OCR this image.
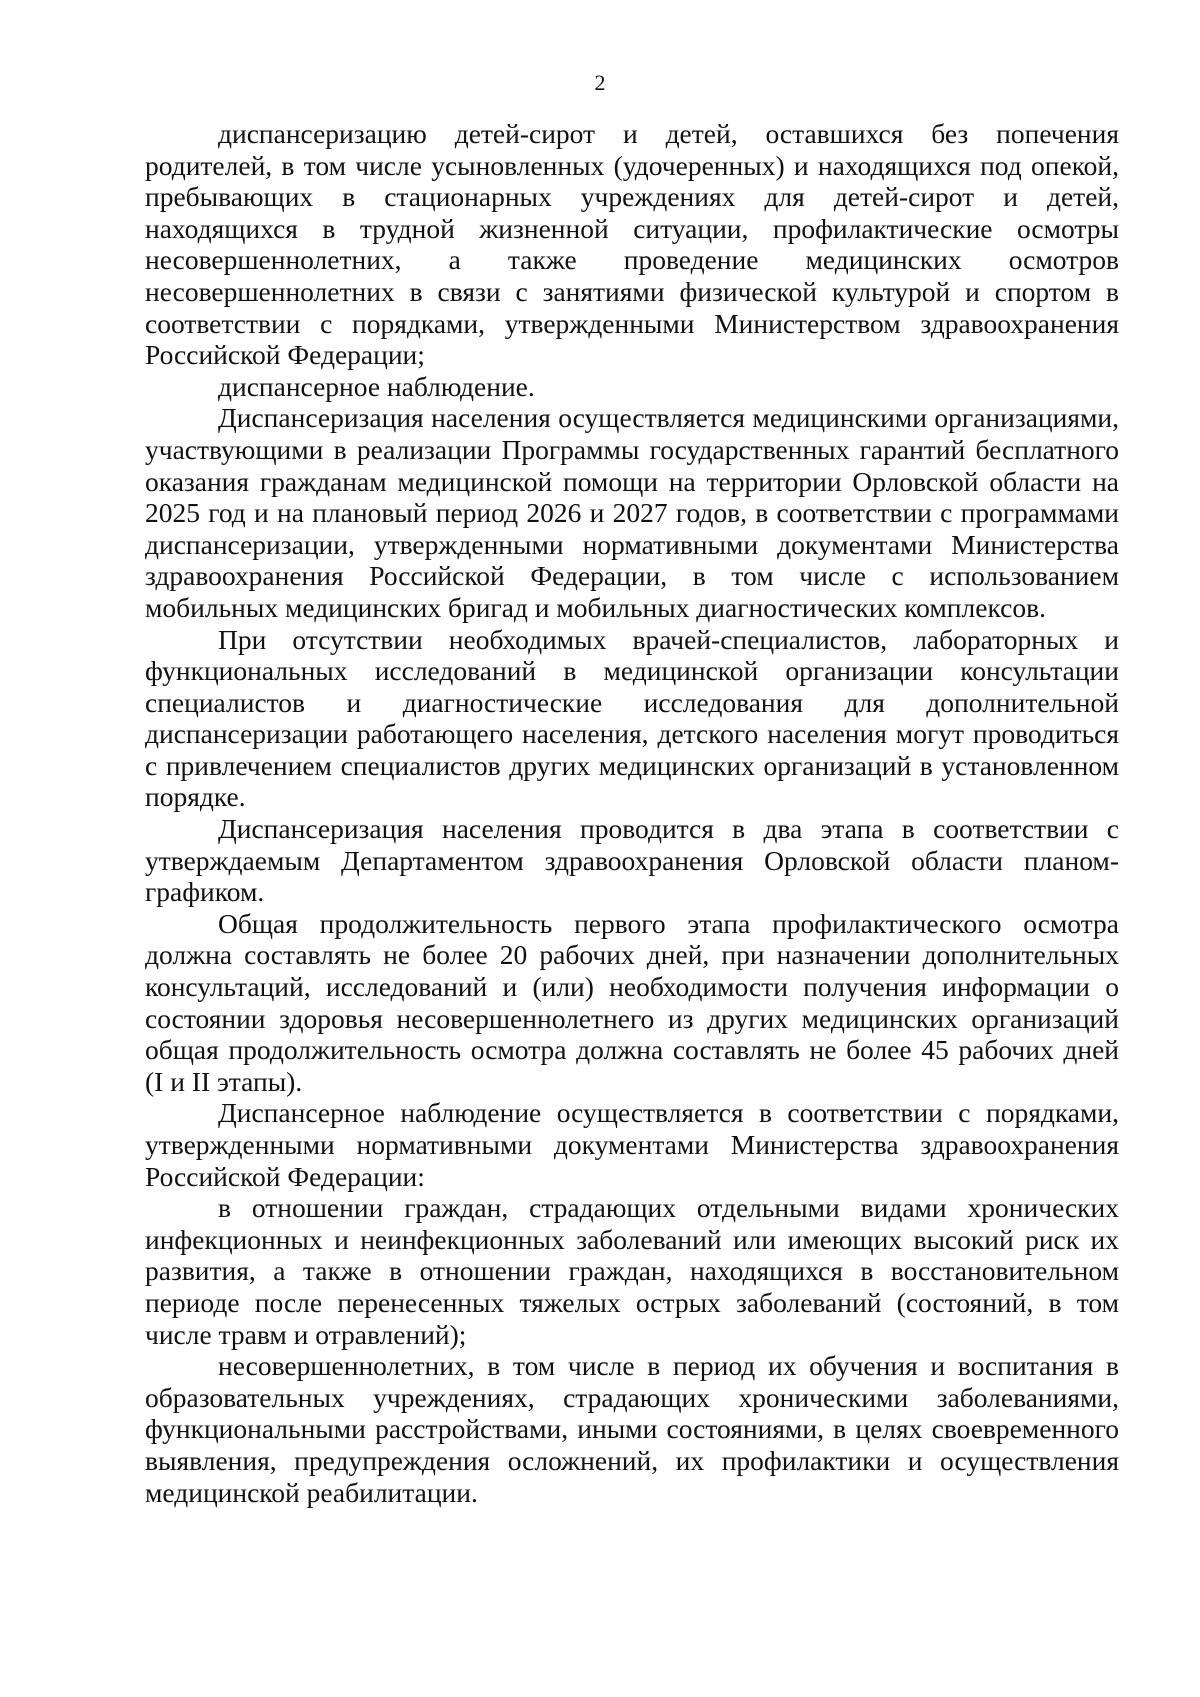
2

диспансеризацию детей-сирот и детей, оставшихся без попечения родителей, в том числе усыновленных (удочеренных) и находящихся под опекой, пребывающих в стационарных учреждениях для детей-сирот и детей, находящихся в трудной жизненной ситуации, профилактические осмотры несовершеннолетних, а также проведение медицинских осмотров несовершеннолетних в связи с занятиями физической культурой и спортом в соответствии с порядками, утвержденными Министерством здравоохранения Российской Федерации;

диспансерное наблюдение.

Диспансеризация населения осуществляется медицинскими организациями, участвующими в реализации Программы государственных гарантий бесплатного оказания гражданам медицинской помощи на территории Орловской области на 2025 год и на плановый период 2026 и 2027 годов, в соответствии с программами диспансеризации, утвержденными нормативными документами Министерства здравоохранения Российской Федерации, в том числе с использованием мобильных медицинских бригад и мобильных диагностических комплексов.

При отсутствии необходимых врачей-специалистов, лабораторных и функциональных исследований в медицинской организации консультации специалистов и диагностические исследования для дополнительной диспансеризации работающего населения, детского населения могут проводиться с привлечением специалистов других медицинских организаций в установленном порядке.

Диспансеризация населения проводится в два этапа в соответствии с утверждаемым Департаментом здравоохранения Орловской области планом-графиком.

Общая продолжительность первого этапа профилактического осмотра должна составлять не более 20 рабочих дней, при назначении дополнительных консультаций, исследований и (или) необходимости получения информации о состоянии здоровья несовершеннолетнего из других медицинских организаций общая продолжительность осмотра должна составлять не более 45 рабочих дней (I и II этапы).

Диспансерное наблюдение осуществляется в соответствии с порядками, утвержденными нормативными документами Министерства здравоохранения Российской Федерации:

в отношении граждан, страдающих отдельными видами хронических инфекционных и неинфекционных заболеваний или имеющих высокий риск их развития, а также в отношении граждан, находящихся в восстановительном периоде после перенесенных тяжелых острых заболеваний (состояний, в том числе травм и отравлений);

несовершеннолетних, в том числе в период их обучения и воспитания в образовательных учреждениях, страдающих хроническими заболеваниями, функциональными расстройствами, иными состояниями, в целях своевременного выявления, предупреждения осложнений, их профилактики и осуществления медицинской реабилитации.
